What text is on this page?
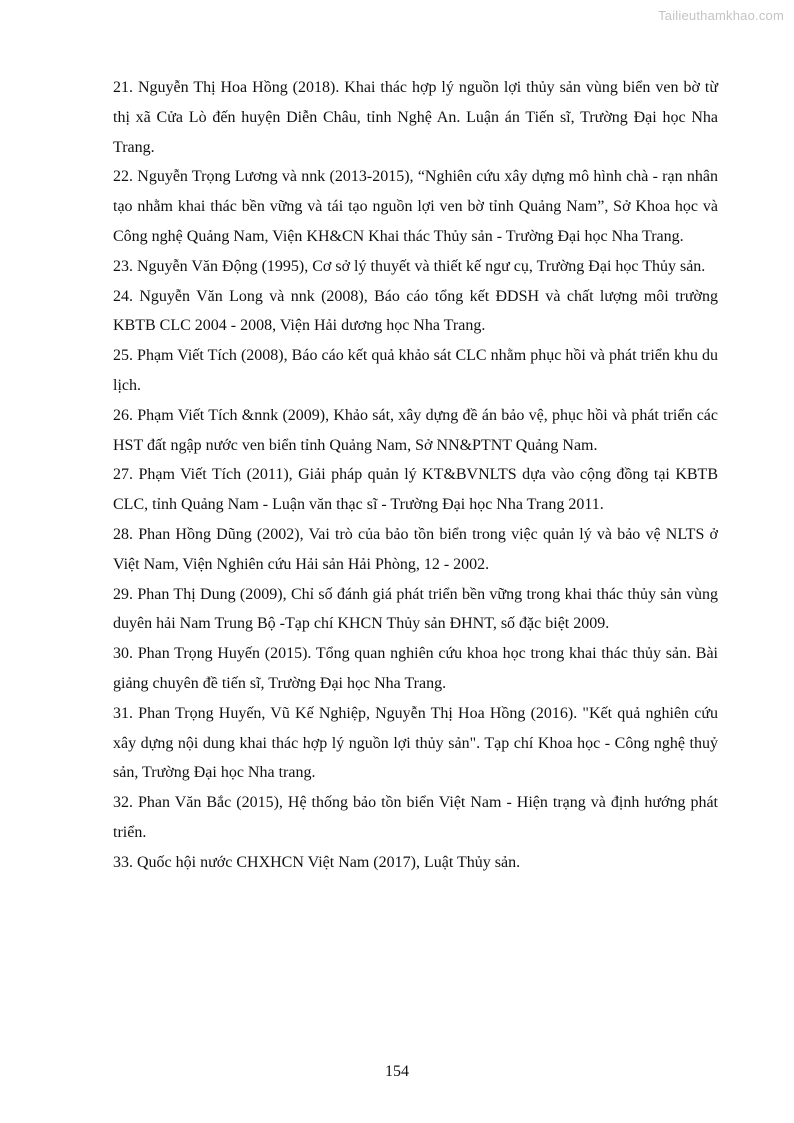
Tailieuthamkhao.com

21. Nguyễn Thị Hoa Hồng (2018). Khai thác hợp lý nguồn lợi thủy sản vùng biển ven bờ từ thị xã Cửa Lò đến huyện Diễn Châu, tỉnh Nghệ An. Luận án Tiến sĩ, Trường Đại học Nha Trang.

22. Nguyễn Trọng Lương và nnk (2013-2015), “Nghiên cứu xây dựng mô hình chà - rạn nhân tạo nhằm khai thác bền vững và tái tạo nguồn lợi ven bờ tỉnh Quảng Nam”, Sở Khoa học và Công nghệ Quảng Nam, Viện KH&CN Khai thác Thủy sản - Trường Đại học Nha Trang.

23. Nguyễn Văn Động (1995), Cơ sở lý thuyết và thiết kế ngư cụ, Trường Đại học Thủy sản.

24. Nguyễn Văn Long và nnk (2008), Báo cáo tổng kết ĐDSH và chất lượng môi trường KBTB CLC 2004 - 2008, Viện Hải dương học Nha Trang.

25. Phạm Viết Tích (2008), Báo cáo kết quả khảo sát CLC nhằm phục hồi và phát triển khu du lịch.

26. Phạm Viết Tích &nnk (2009), Khảo sát, xây dựng đề án bảo vệ, phục hồi và phát triển các HST đất ngập nước ven biển tỉnh Quảng Nam, Sở NN&PTNT Quảng Nam.

27. Phạm Viết Tích (2011), Giải pháp quản lý KT&BVNLTS dựa vào cộng đồng tại KBTB CLC, tỉnh Quảng Nam - Luận văn thạc sĩ - Trường Đại học Nha Trang 2011.

28. Phan Hồng Dũng (2002), Vai trò của bảo tồn biển trong việc quản lý và bảo vệ NLTS ở Việt Nam, Viện Nghiên cứu Hải sản Hải Phòng, 12 - 2002.

29. Phan Thị Dung (2009), Chỉ số đánh giá phát triển bền vững trong khai thác thủy sản vùng duyên hải Nam Trung Bộ -Tạp chí KHCN Thủy sản ĐHNT, số đặc biệt 2009.

30. Phan Trọng Huyến (2015). Tổng quan nghiên cứu khoa học trong khai thác thủy sản. Bài giảng chuyên đề tiến sĩ, Trường Đại học Nha Trang.

31. Phan Trọng Huyến, Vũ Kế Nghiệp, Nguyễn Thị Hoa Hồng (2016). "Kết quả nghiên cứu xây dựng nội dung khai thác hợp lý nguồn lợi thủy sản". Tạp chí Khoa học - Công nghệ thuỷ sản, Trường Đại học Nha trang.

32. Phan Văn Bắc (2015), Hệ thống bảo tồn biển Việt Nam - Hiện trạng và định hướng phát triển.

33. Quốc hội nước CHXHCN Việt Nam (2017), Luật Thủy sản.

154
